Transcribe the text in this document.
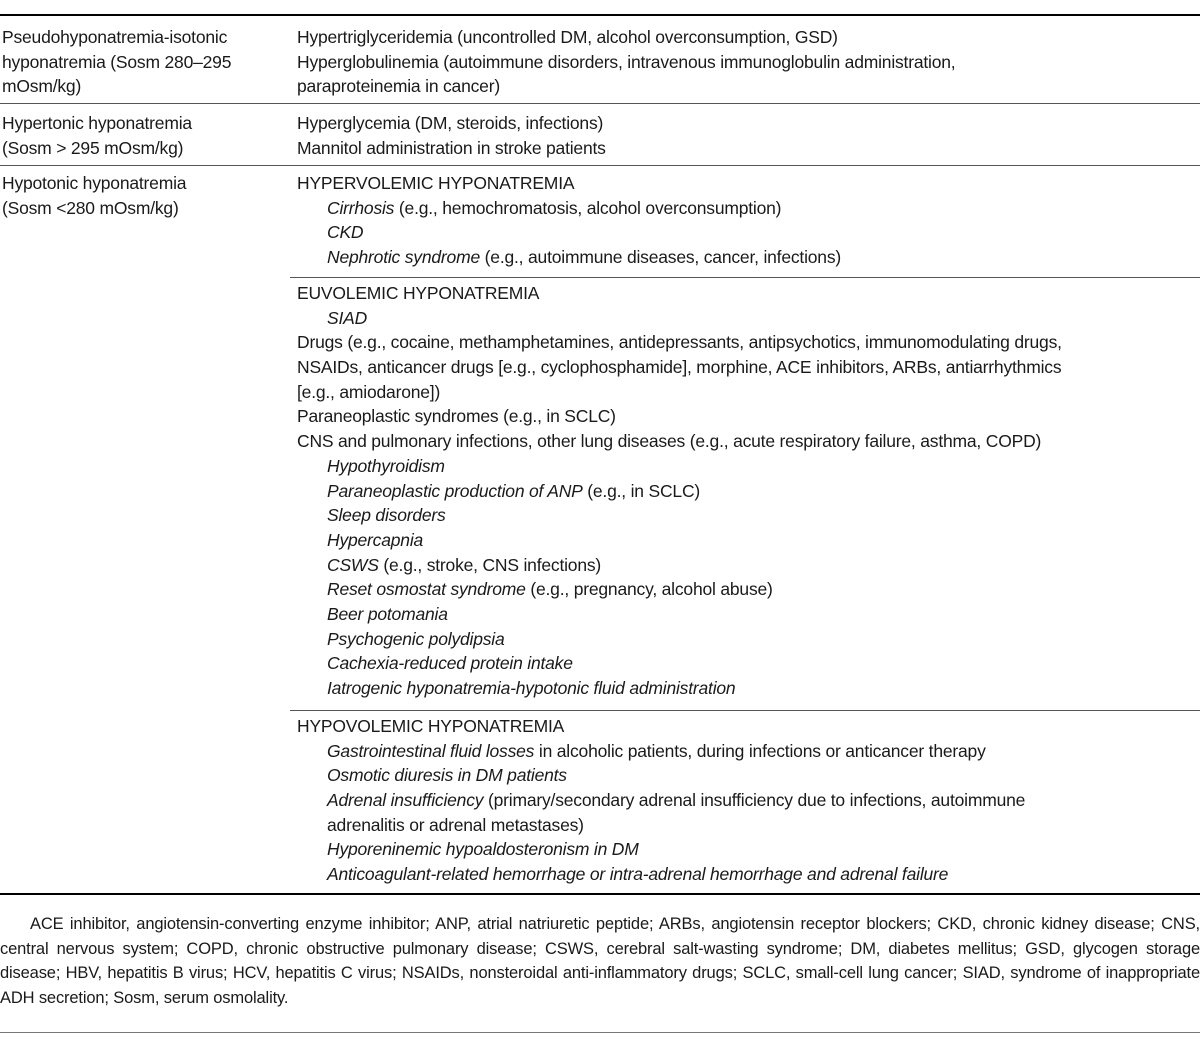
Pseudohyponatremia-isotonic
hyponatremia (Sosm 280–295
mOsm/kg)
Hypertriglyceridemia (uncontrolled DM, alcohol overconsumption, GSD)
Hyperglobulinemia (autoimmune disorders, intravenous immunoglobulin administration,
paraproteinemia in cancer)
Hypertonic hyponatremia
(Sosm > 295 mOsm/kg)
Hyperglycemia (DM, steroids, infections)
Mannitol administration in stroke patients
Hypotonic hyponatremia
(Sosm <280 mOsm/kg)
HYPERVOLEMIC HYPONATREMIA
Cirrhosis (e.g., hemochromatosis, alcohol overconsumption)
CKD
Nephrotic syndrome (e.g., autoimmune diseases, cancer, infections)
EUVOLEMIC HYPONATREMIA
SIAD
Drugs (e.g., cocaine, methamphetamines, antidepressants, antipsychotics, immunomodulating drugs,
NSAIDs, anticancer drugs [e.g., cyclophosphamide], morphine, ACE inhibitors, ARBs, antiarrhythmics
[e.g., amiodarone])
Paraneoplastic syndromes (e.g., in SCLC)
CNS and pulmonary infections, other lung diseases (e.g., acute respiratory failure, asthma, COPD)
Hypothyroidism
Paraneoplastic production of ANP (e.g., in SCLC)
Sleep disorders
Hypercapnia
CSWS (e.g., stroke, CNS infections)
Reset osmostat syndrome (e.g., pregnancy, alcohol abuse)
Beer potomania
Psychogenic polydipsia
Cachexia-reduced protein intake
Iatrogenic hyponatremia-hypotonic fluid administration
HYPOVOLEMIC HYPONATREMIA
Gastrointestinal fluid losses in alcoholic patients, during infections or anticancer therapy
Osmotic diuresis in DM patients
Adrenal insufficiency (primary/secondary adrenal insufficiency due to infections, autoimmune
adrenalitis or adrenal metastases)
Hyporeninemic hypoaldosteronism in DM
Anticoagulant-related hemorrhage or intra-adrenal hemorrhage and adrenal failure
ACE inhibitor, angiotensin-converting enzyme inhibitor; ANP, atrial natriuretic peptide; ARBs, angiotensin receptor blockers; CKD, chronic kidney disease; CNS, central nervous system; COPD, chronic obstructive pulmonary disease; CSWS, cerebral salt-wasting syndrome; DM, diabetes mellitus; GSD, glycogen storage disease; HBV, hepatitis B virus; HCV, hepatitis C virus; NSAIDs, nonsteroidal anti-inflammatory drugs; SCLC, small-cell lung cancer; SIAD, syndrome of inappropriate ADH secretion; Sosm, serum osmolality.
